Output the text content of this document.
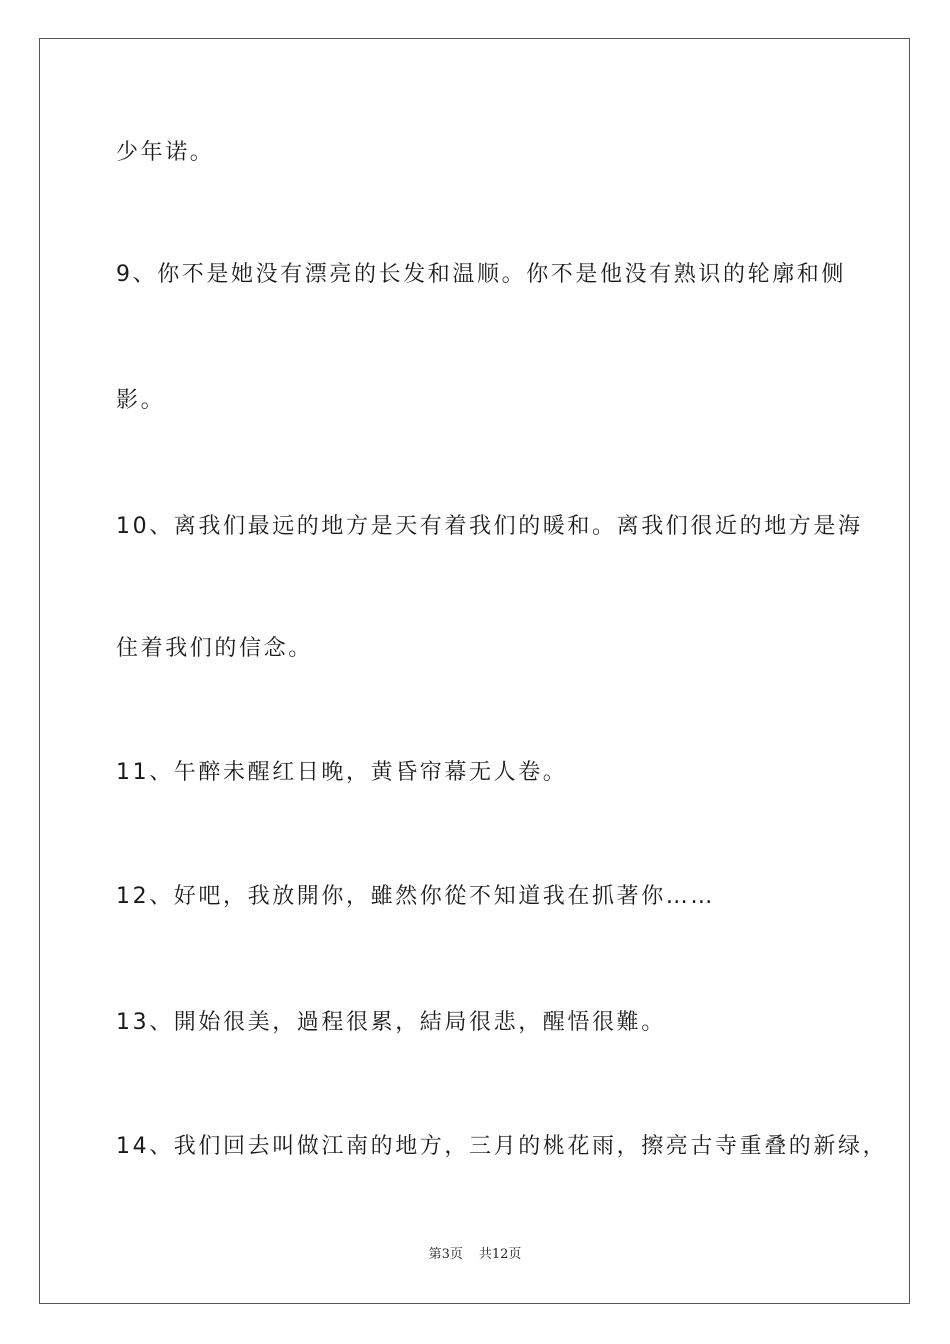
少年诺。
9、你不是她没有漂亮的长发和温顺。你不是他没有熟识的轮廓和侧
影。
10、离我们最远的地方是天有着我们的暖和。离我们很近的地方是海
住着我们的信念。
11、午醉未醒红日晚，黄昏帘幕无人卷。
12、好吧，我放開你，雖然你從不知道我在抓著你……
13、開始很美，過程很累，結局很悲，醒悟很難。
14、我们回去叫做江南的地方，三月的桃花雨，擦亮古寺重叠的新绿，
第3页 共12页
